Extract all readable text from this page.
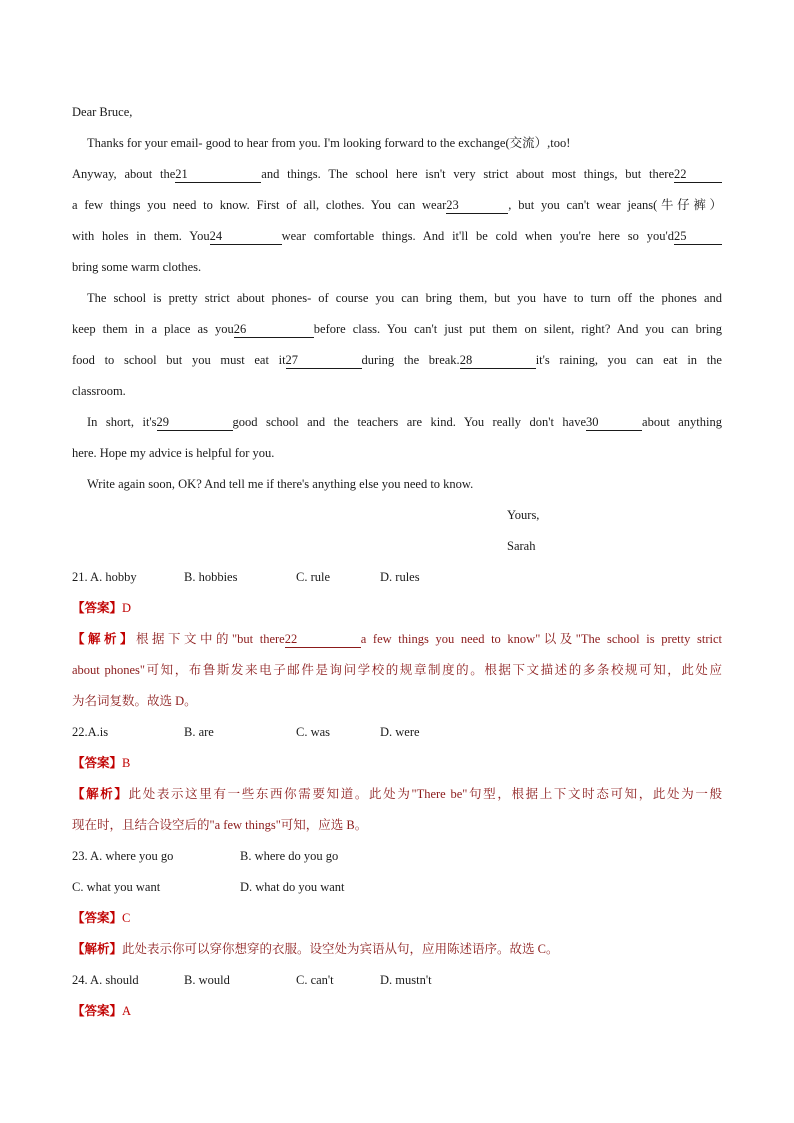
Dear Bruce,
Thanks for your email- good to hear from you. I'm looking forward to the exchange(交流）,too!
Anyway, about the21	and things. The school here isn't very strict about most things, but there22
a few things you need to know. First of all, clothes. You can wear23	, but you can't wear jeans(牛仔裤）
with holes in them. You24	wear comfortable things. And it'll be cold when you're here so you'd25
bring some warm clothes.
The school is pretty strict about phones- of course you can bring them, but you have to turn off the phones and
keep them in a place as you26	before class. You can't just put them on silent, right? And you can bring
food to school but you must eat it27	during the break.28	it's raining, you can eat in the
classroom.
In short, it's29	good school and the teachers are kind. You really don't have30	about anything
here. Hope my advice is helpful for you.
Write again soon, OK? And tell me if there's anything else you need to know.
Yours,
Sarah
21. A. hobby	B. hobbies	C. rule	D. rules
【答案】D
【解析】根据下文中的"but there22	a few things you need to know"以及"The school is pretty strict
about phones"可知，布鲁斯发来电子邮件是询问学校的规章制度的。根据下文描述的多条校规可知，此处应
为名词复数。故选 D。
22.A.is	B. are	C. was	D. were
【答案】B
【解析】此处表示这里有一些东西你需要知道。此处为"There be"句型，根据上下文时态可知，此处为一般
现在时，且结合设空后的"a few things"可知，应选 B。
23. A. where you go	B. where do you go
C. what you want	D. what do you want
【答案】C
【解析】此处表示你可以穿你想穿的衣服。设空处为宾语从句，应用陈述语序。故选 C。
24. A. should	B. would	C. can't	D. mustn't
【答案】A
